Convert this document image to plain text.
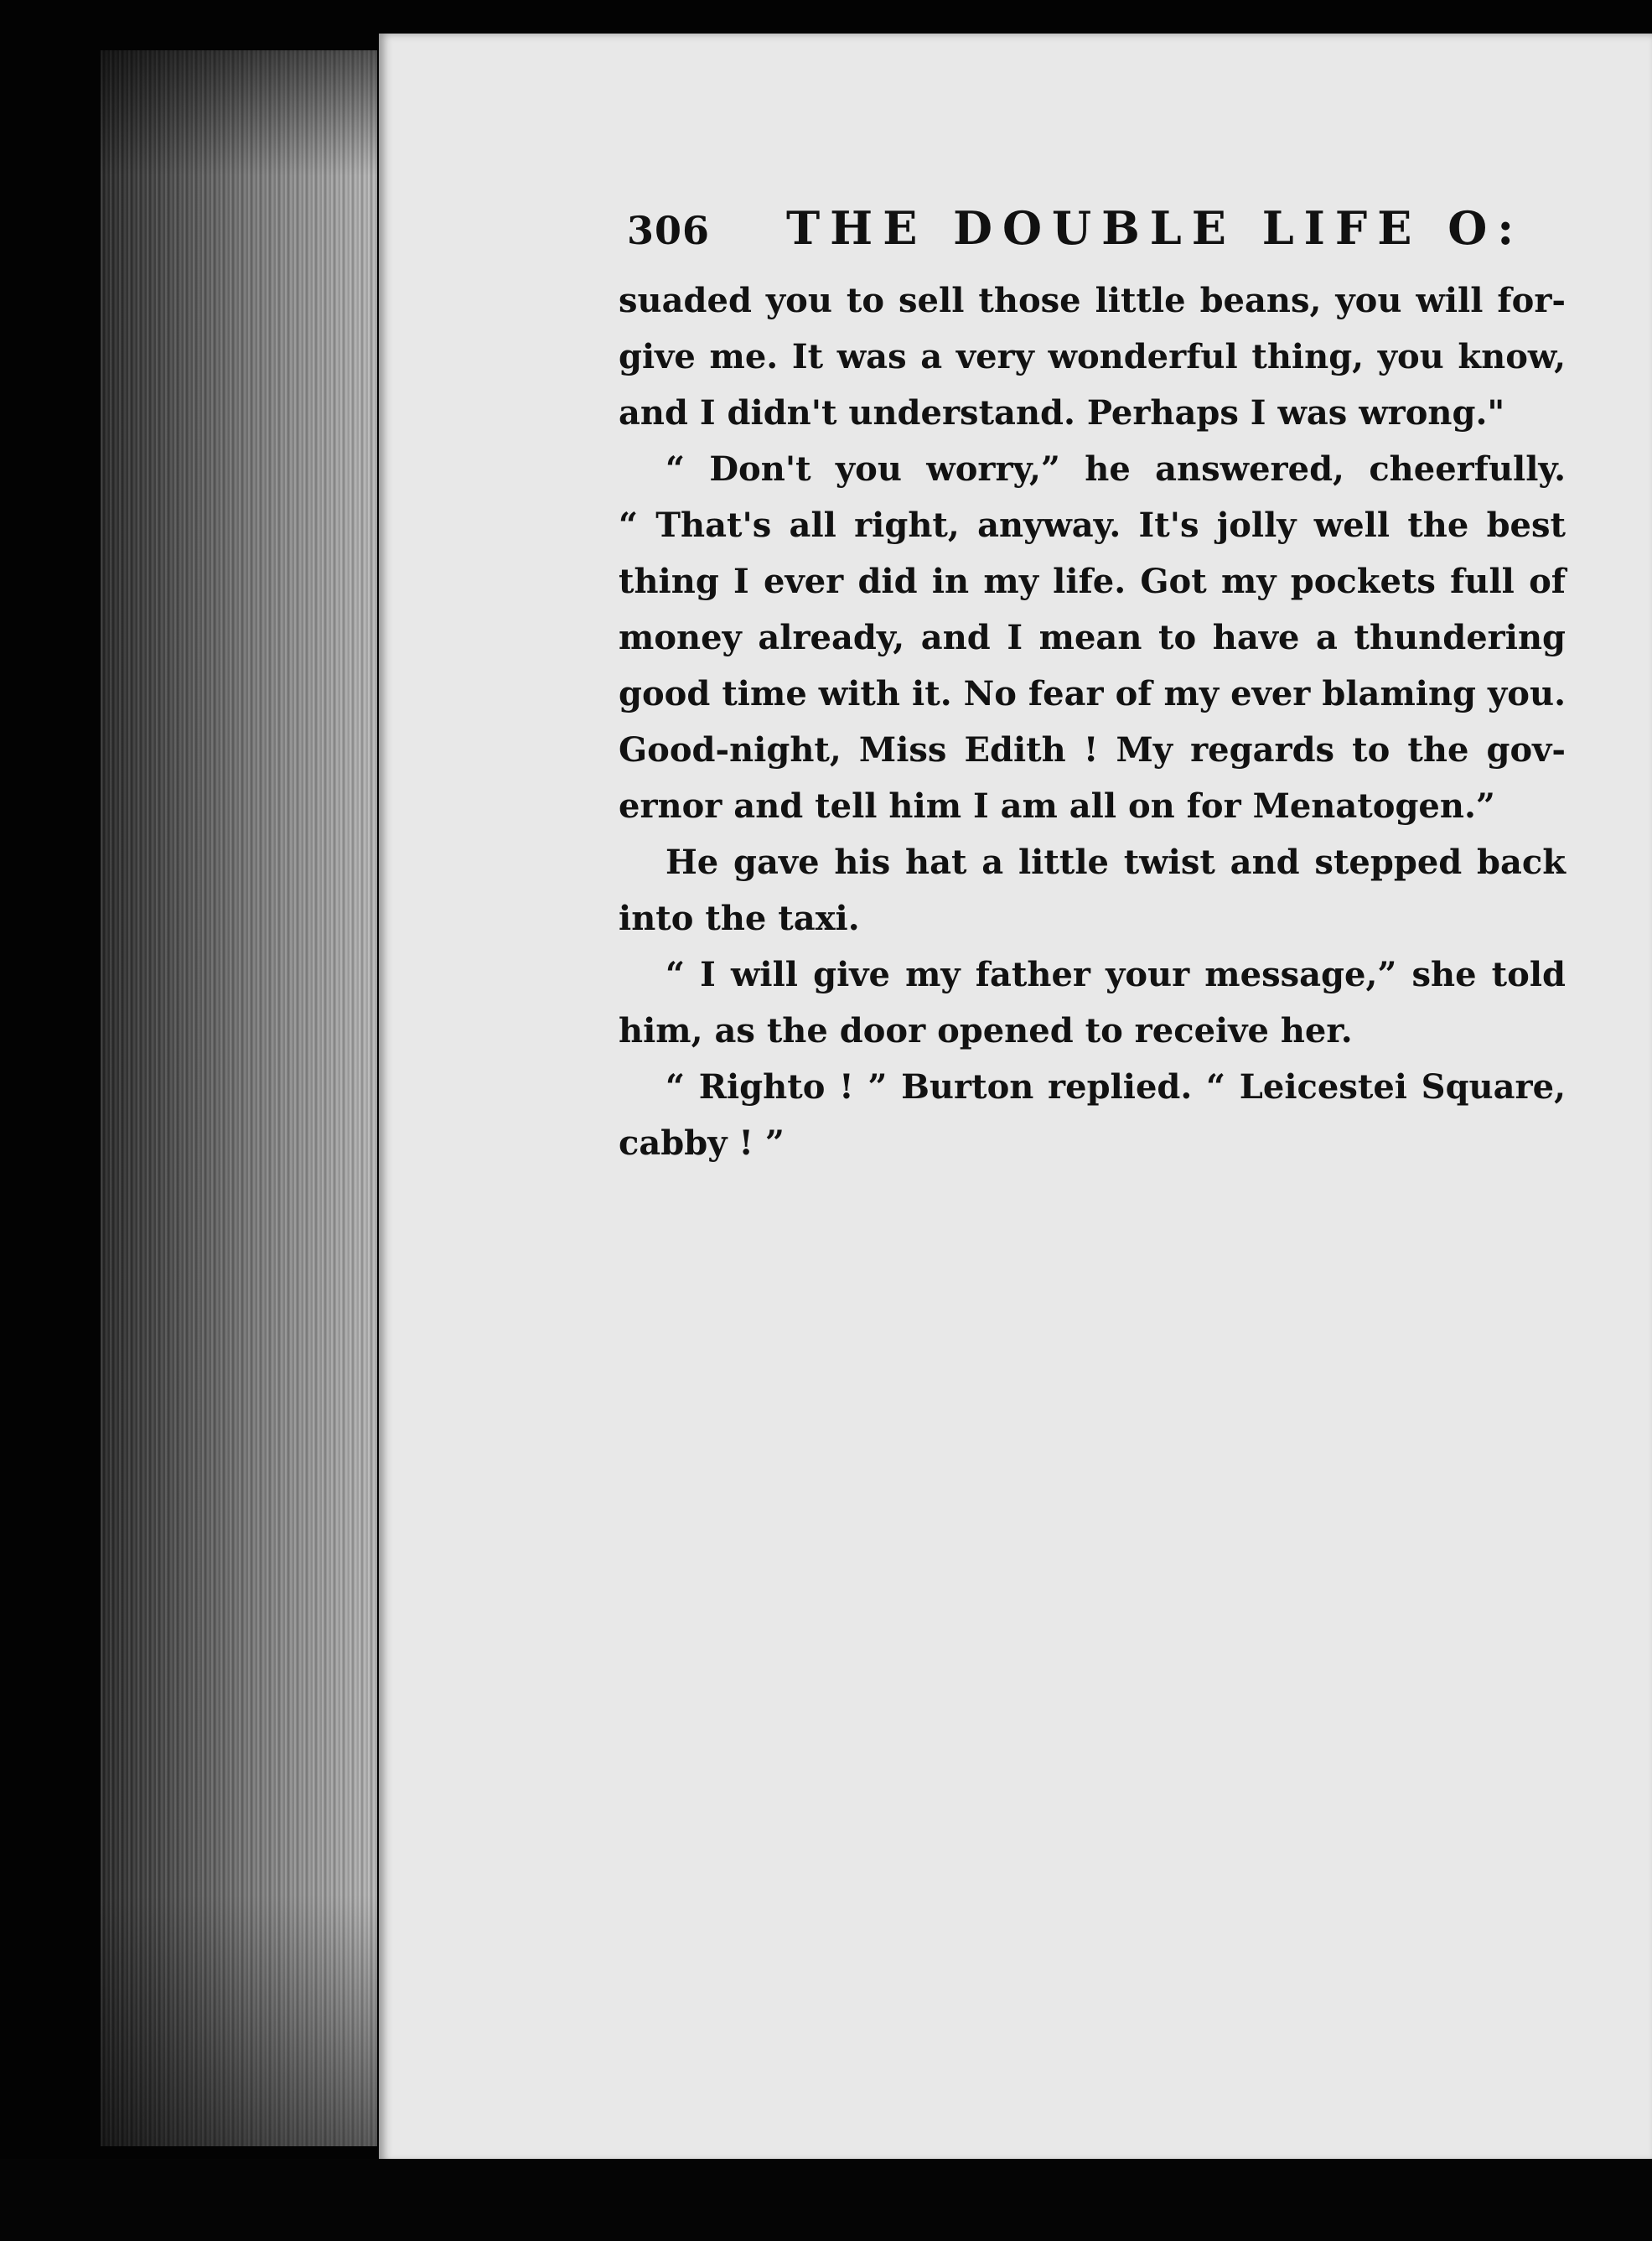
306 THE DOUBLE LIFE O:
suaded you to sell those little beans, you will for-
give me. It was a very wonderful thing, you know,
and I didn't understand. Perhaps I was wrong."
“ Don't you worry,” he answered, cheerfully.
“ That's all right, anyway. It's jolly well the best
thing I ever did in my life. Got my pockets full of
money already, and I mean to have a thundering
good time with it. No fear of my ever blaming you.
Good-night, Miss Edith ! My regards to the gov-
ernor and tell him I am all on for Menatogen.”
He gave his hat a little twist and stepped back
into the taxi.
“ I will give my father your message,” she told
him, as the door opened to receive her.
“ Righto ! ” Burton replied. “ Leicestei Square,
cabby ! ”
